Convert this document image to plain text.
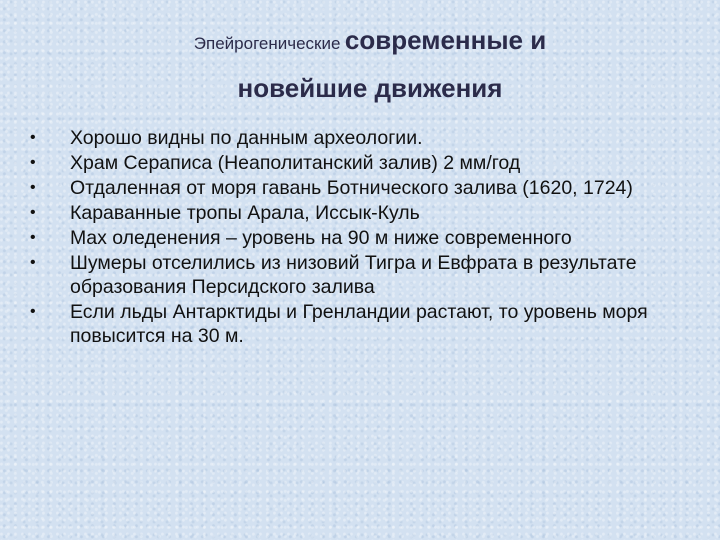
Эпейрогенические современные и
новейшие движения
• Хорошо видны по данным археологии.
• Храм Сераписа (Неаполитанский залив) 2 мм/год
• Отдаленная от моря гавань Ботнического залива (1620, 1724)
• Караванные тропы Арала, Иссык-Куль
• Max оледенения – уровень на 90 м ниже современного
• Шумеры отселились из низовий Тигра и Евфрата в результате образования Персидского залива
• Если льды Антарктиды и Гренландии растают, то уровень моря повысится на 30 м.
